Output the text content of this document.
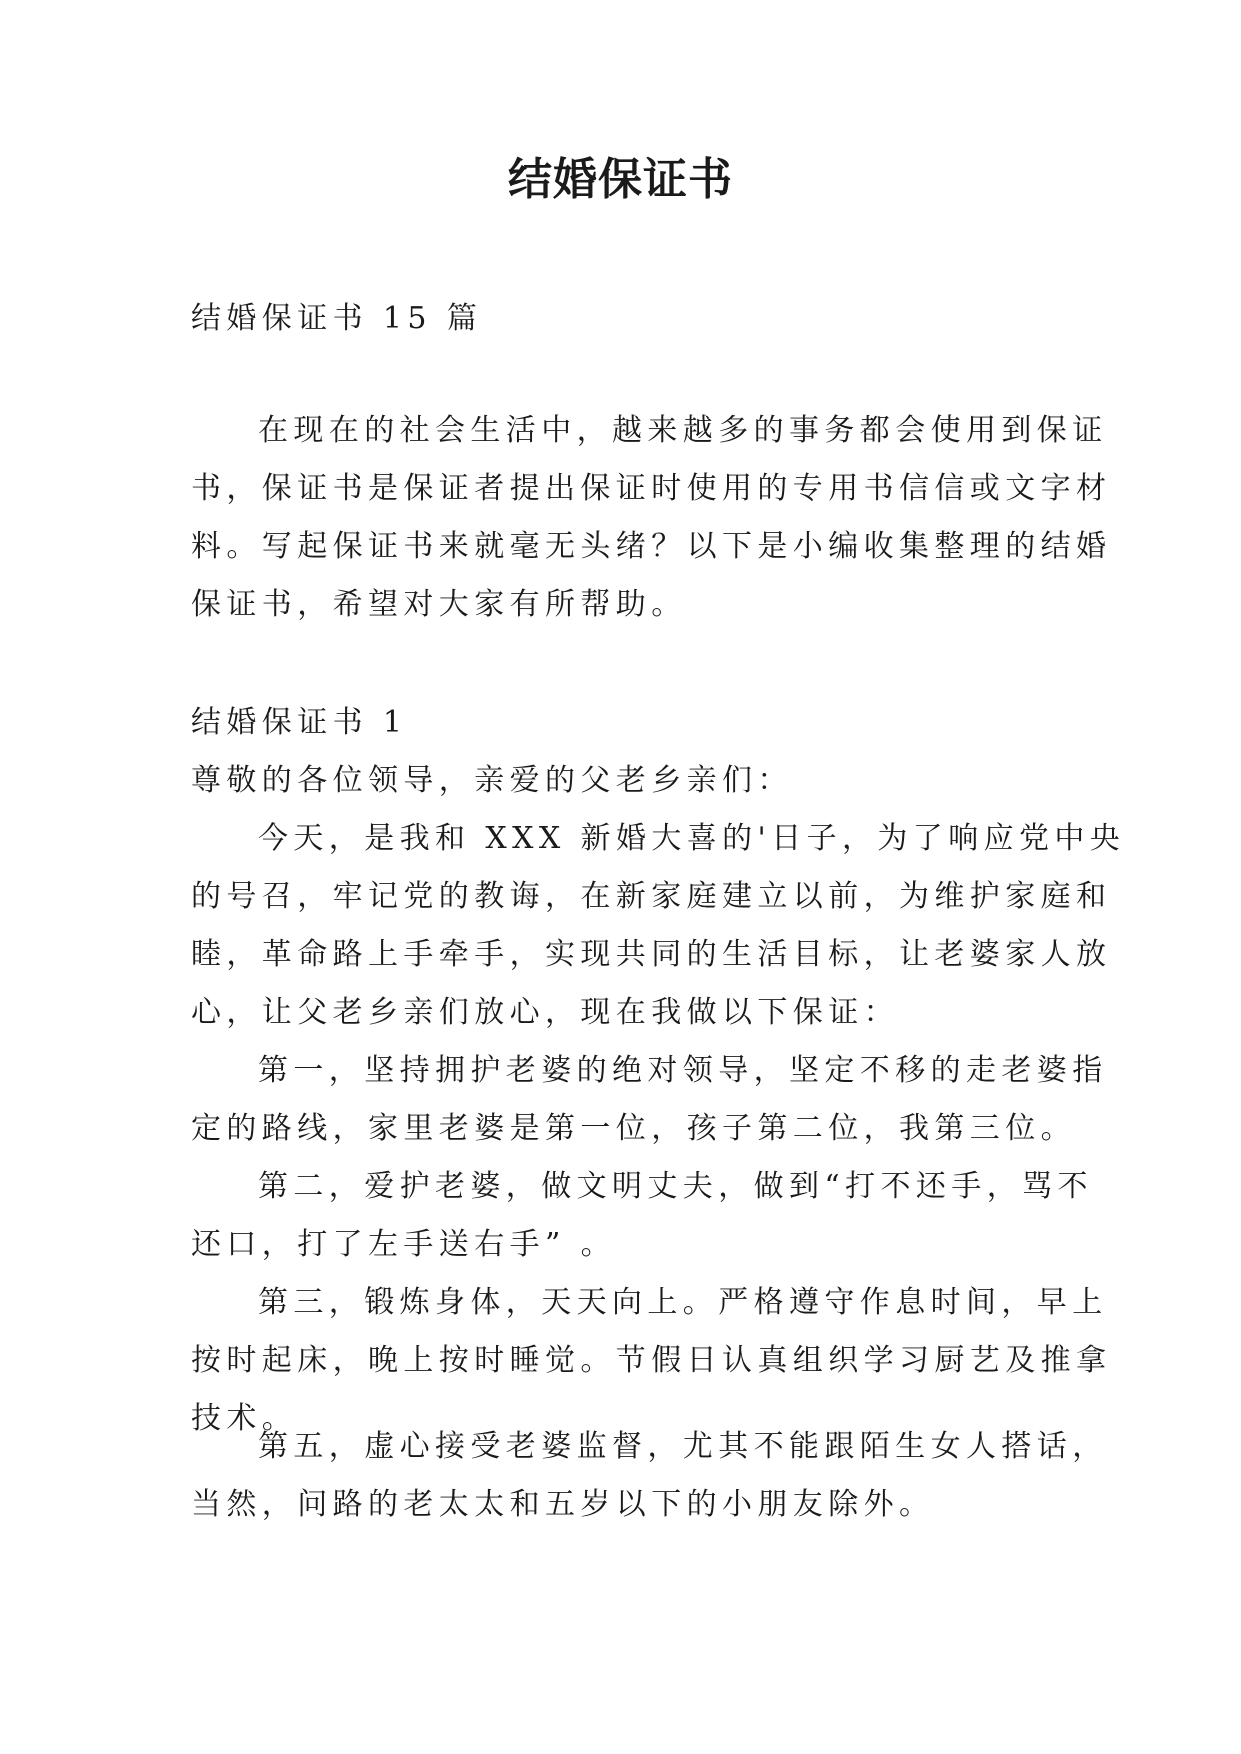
结婚保证书
结婚保证书 15 篇
在现在的社会生活中，越来越多的事务都会使用到保证
书，保证书是保证者提出保证时使用的专用书信信或文字材
料。写起保证书来就毫无头绪？以下是小编收集整理的结婚
保证书，希望对大家有所帮助。
结婚保证书 1
尊敬的各位领导，亲爱的父老乡亲们：
今天，是我和 XXX 新婚大喜的'日子，为了响应党中央
的号召，牢记党的教诲，在新家庭建立以前，为维护家庭和
睦，革命路上手牵手，实现共同的生活目标，让老婆家人放
心，让父老乡亲们放心，现在我做以下保证：
第一，坚持拥护老婆的绝对领导，坚定不移的走老婆指
定的路线，家里老婆是第一位，孩子第二位，我第三位。
第二，爱护老婆，做文明丈夫，做到“打不还手，骂不
还口，打了左手送右手” 。
第三，锻炼身体，天天向上。严格遵守作息时间，早上
按时起床，晚上按时睡觉。节假日认真组织学习厨艺及推拿
技术。
第五，虚心接受老婆监督，尤其不能跟陌生女人搭话，
当然，问路的老太太和五岁以下的小朋友除外。
